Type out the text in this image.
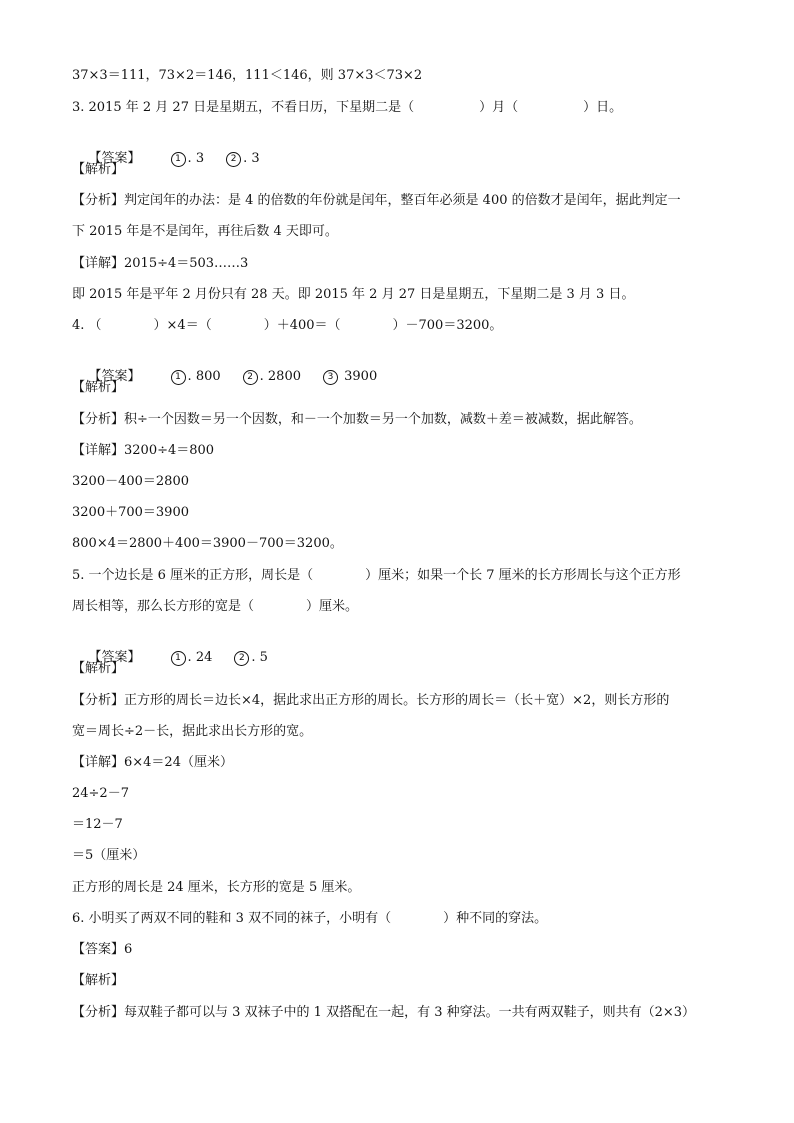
37×3＝111，73×2＝146，111＜146，则 37×3＜73×2
3. 2015 年 2 月 27 日是星期五，不看日历，下星期二是（　　　　　）月（　　　　　）日。

【答案】	1 . 3	2 . 3

【解析】
【分析】判定闰年的办法：是 4 的倍数的年份就是闰年，整百年必须是 400 的倍数才是闰年，据此判定一
下 2015 年是不是闰年，再往后数 4 天即可。
【详解】2015÷4＝503……3
即 2015 年是平年 2 月份只有 28 天。即 2015 年 2 月 27 日是星期五，下星期二是 3 月 3 日。
4. （　　　　）×4＝（　　　　）＋400＝（　　　　）－700＝3200。

【答案】	1 . 800	2 . 2800	3 3900

【解析】
【分析】积÷一个因数＝另一个因数，和－一个加数＝另一个加数，减数＋差＝被减数，据此解答。
【详解】3200÷4＝800
3200－400＝2800
3200＋700＝3900
800×4＝2800＋400＝3900－700＝3200。
5. 一个边长是 6 厘米的正方形，周长是（　　　　）厘米；如果一个长 7 厘米的长方形周长与这个正方形
周长相等，那么长方形的宽是（　　　　）厘米。

【答案】	1 . 24	2 . 5

【解析】
【分析】正方形的周长＝边长×4，据此求出正方形的周长。长方形的周长＝（长＋宽）×2，则长方形的
宽＝周长÷2－长，据此求出长方形的宽。
【详解】6×4＝24（厘米）
24÷2－7
＝12－7
＝5（厘米）
正方形的周长是 24 厘米，长方形的宽是 5 厘米。
6. 小明买了两双不同的鞋和 3 双不同的袜子，小明有（　　　　）种不同的穿法。
【答案】6
【解析】
【分析】每双鞋子都可以与 3 双袜子中的 1 双搭配在一起，有 3 种穿法。一共有两双鞋子，则共有（2×3）
